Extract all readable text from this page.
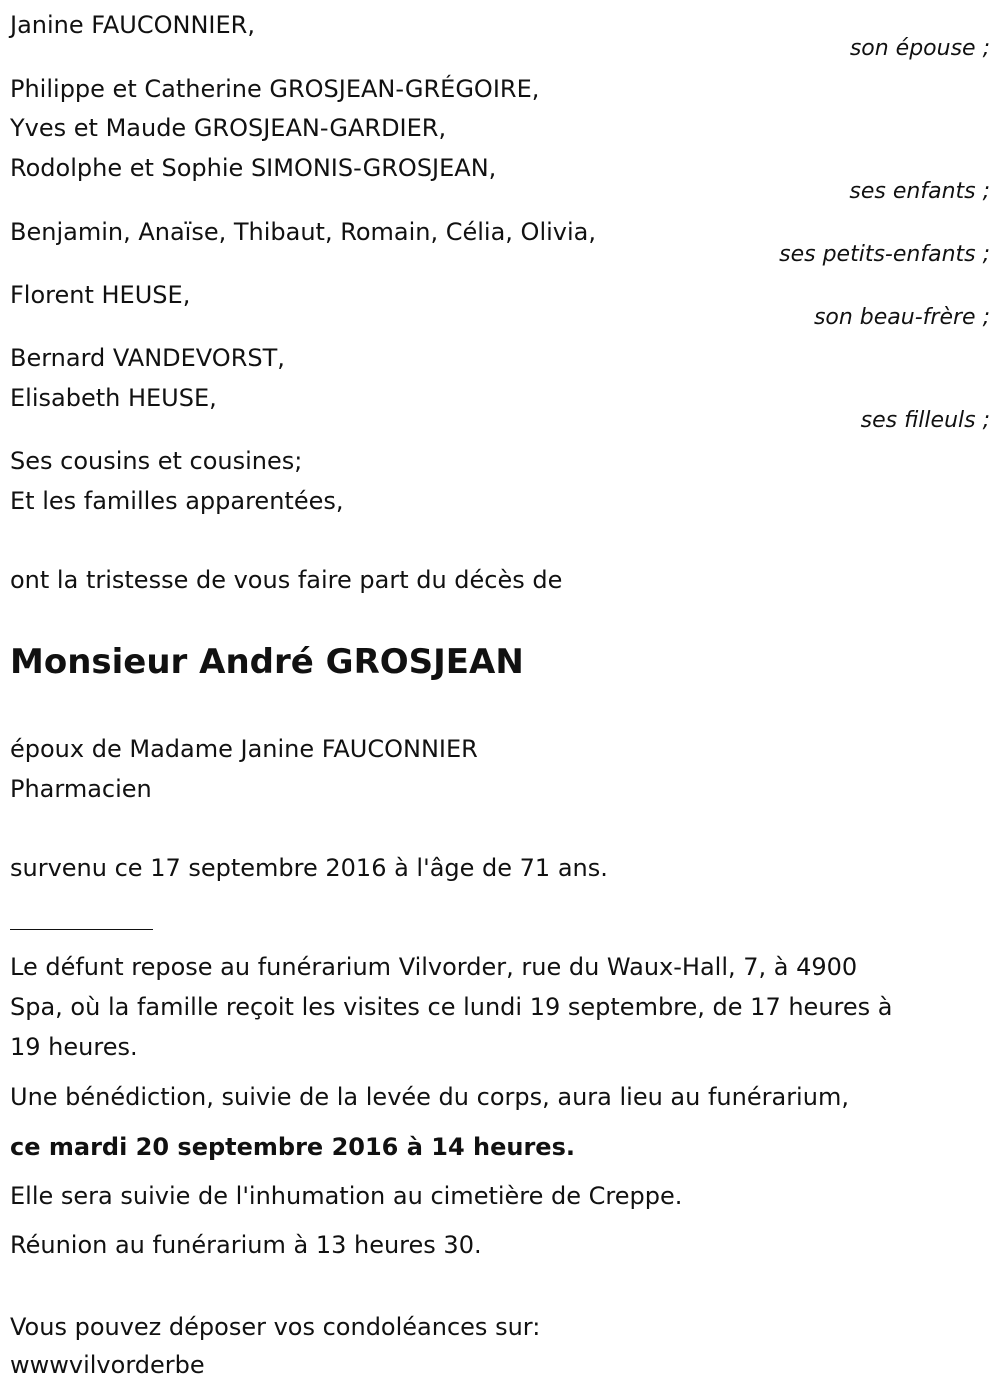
Janine FAUCONNIER,
son épouse ;
Philippe et Catherine GROSJEAN-GRÉGOIRE,
Yves et Maude GROSJEAN-GARDIER,
Rodolphe et Sophie SIMONIS-GROSJEAN,
ses enfants ;
Benjamin, Anaïse, Thibaut, Romain, Célia, Olivia,
ses petits-enfants ;
Florent HEUSE,
son beau-frère ;
Bernard VANDEVORST,
Elisabeth HEUSE,
ses filleuls ;
Ses cousins et cousines;
Et les familles apparentées,
ont la tristesse de vous faire part du décès de
Monsieur André GROSJEAN
époux de Madame Janine FAUCONNIER
Pharmacien
survenu ce 17 septembre 2016 à l'âge de 71 ans.
Le défunt repose au funérarium Vilvorder, rue du Waux-Hall, 7, à 4900
Spa, où la famille reçoit les visites ce lundi 19 septembre, de 17 heures à
19 heures.
Une bénédiction, suivie de la levée du corps, aura lieu au funérarium,
ce mardi 20 septembre 2016 à 14 heures.
Elle sera suivie de l'inhumation au cimetière de Creppe.
Réunion au funérarium à 13 heures 30.
Vous pouvez déposer vos condoléances sur:
wwwvilvorderbe
